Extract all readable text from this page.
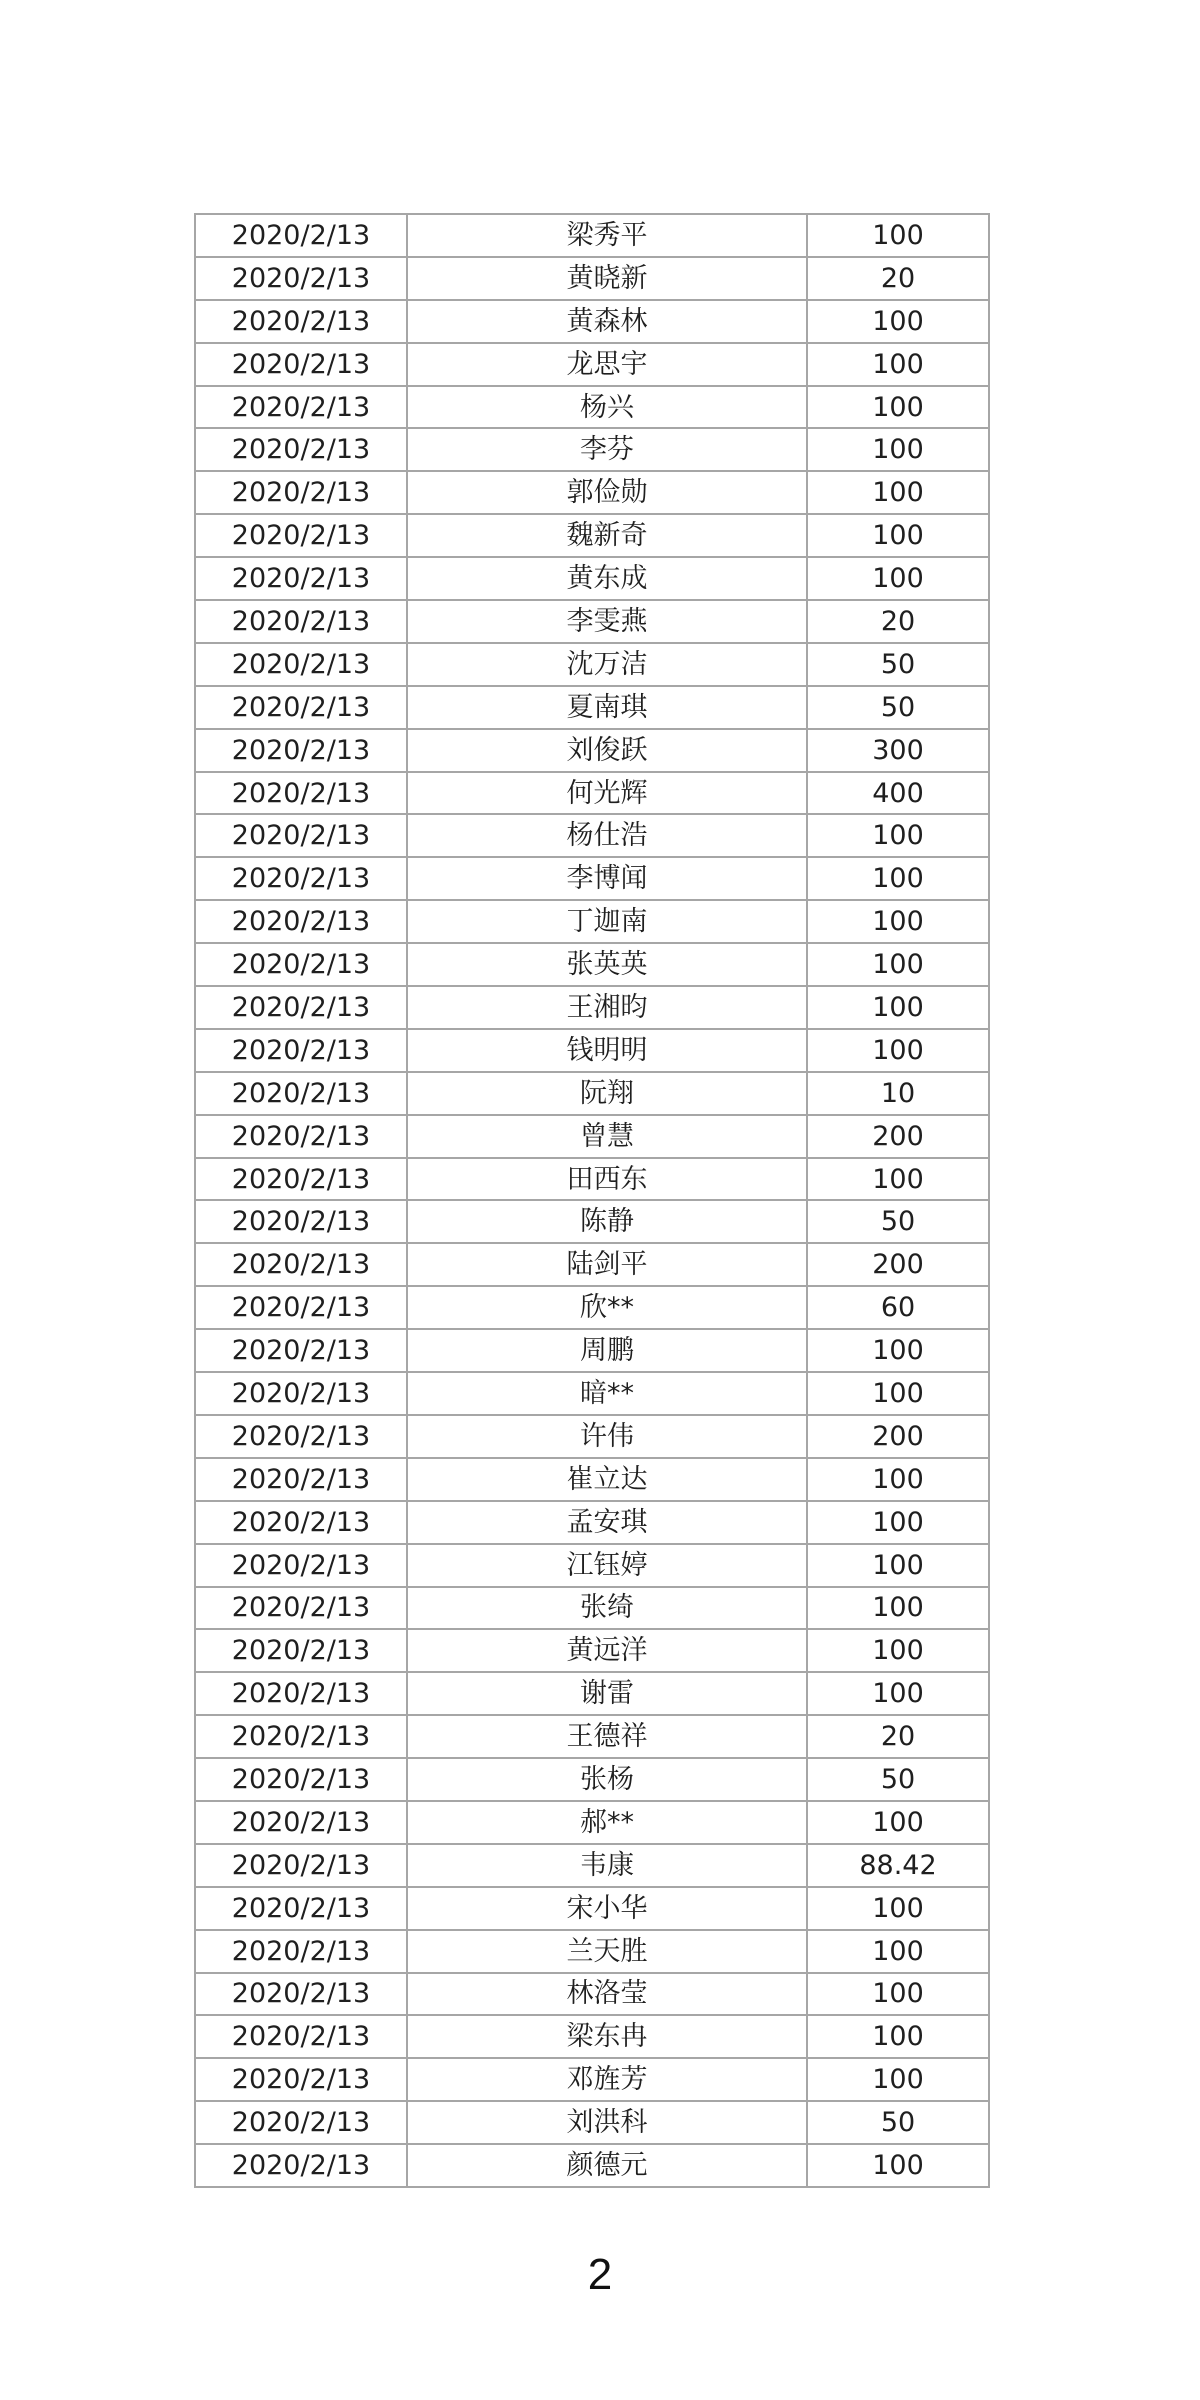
2020/2/13	梁秀平	100
2020/2/13	黄晓新	20
2020/2/13	黄森林	100
2020/2/13	龙思宇	100
2020/2/13	杨兴	100
2020/2/13	李芬	100
2020/2/13	郭俭勋	100
2020/2/13	魏新奇	100
2020/2/13	黄东成	100
2020/2/13	李雯燕	20
2020/2/13	沈万洁	50
2020/2/13	夏南琪	50
2020/2/13	刘俊跃	300
2020/2/13	何光辉	400
2020/2/13	杨仕浩	100
2020/2/13	李博闻	100
2020/2/13	丁迦南	100
2020/2/13	张英英	100
2020/2/13	王湘昀	100
2020/2/13	钱明明	100
2020/2/13	阮翔	10
2020/2/13	曾慧	200
2020/2/13	田西东	100
2020/2/13	陈静	50
2020/2/13	陆剑平	200
2020/2/13	欣**	60
2020/2/13	周鹏	100
2020/2/13	暗**	100
2020/2/13	许伟	200
2020/2/13	崔立达	100
2020/2/13	孟安琪	100
2020/2/13	江钰婷	100
2020/2/13	张绮	100
2020/2/13	黄远洋	100
2020/2/13	谢雷	100
2020/2/13	王德祥	20
2020/2/13	张杨	50
2020/2/13	郝**	100
2020/2/13	韦康	88.42
2020/2/13	宋小华	100
2020/2/13	兰天胜	100
2020/2/13	林洛莹	100
2020/2/13	梁东冉	100
2020/2/13	邓旌芳	100
2020/2/13	刘洪科	50
2020/2/13	颜德元	100
2
